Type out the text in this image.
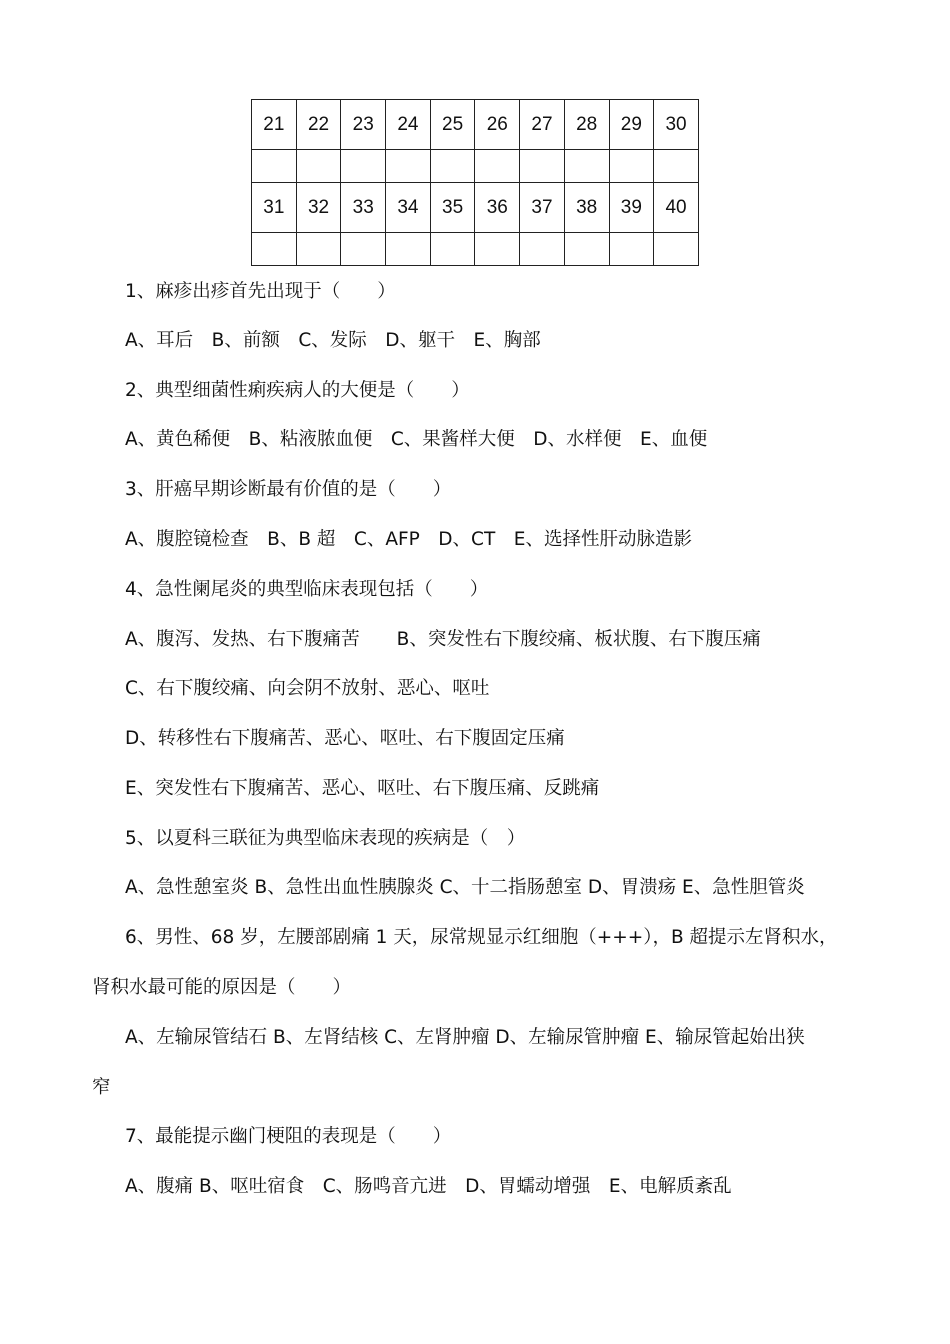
21	22	23	24	25	26	27	28	29	30

31	32	33	34	35	36	37	38	39	40

1、麻疹出疹首先出现于（　　）
A、耳后　B、前额　C、发际　D、躯干　E、胸部
2、典型细菌性痢疾病人的大便是（　　）
A、黄色稀便　B、粘液脓血便　C、果酱样大便　D、水样便　E、血便
3、肝癌早期诊断最有价值的是（　　）
A、腹腔镜检查　B、B 超　C、AFP　D、CT　E、选择性肝动脉造影
4、急性阑尾炎的典型临床表现包括（　　）
A、腹泻、发热、右下腹痛苦　　B、突发性右下腹绞痛、板状腹、右下腹压痛
C、右下腹绞痛、向会阴不放射、恶心、呕吐
D、转移性右下腹痛苦、恶心、呕吐、右下腹固定压痛
E、突发性右下腹痛苦、恶心、呕吐、右下腹压痛、反跳痛
5、以夏科三联征为典型临床表现的疾病是（　）
A、急性憩室炎 B、急性出血性胰腺炎 C、十二指肠憩室 D、胃溃疡 E、急性胆管炎
6、男性、68 岁，左腰部剧痛 1 天，尿常规显示红细胞（+++），B 超提示左肾积水，
肾积水最可能的原因是（　　）
A、左输尿管结石 B、左肾结核 C、左肾肿瘤 D、左输尿管肿瘤 E、输尿管起始出狭
窄
7、最能提示幽门梗阻的表现是（　　）
A、腹痛 B、呕吐宿食　C、肠鸣音亢进　D、胃蠕动增强　E、电解质紊乱
